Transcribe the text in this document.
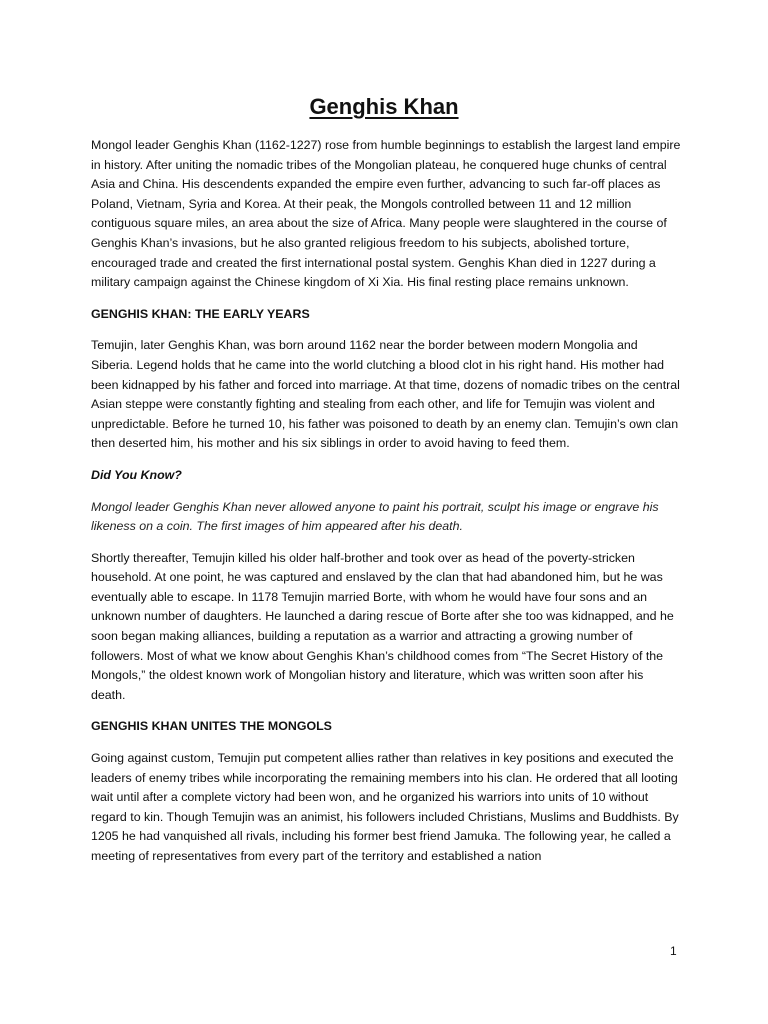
Genghis Khan

Mongol leader Genghis Khan (1162-1227) rose from humble beginnings to establish the largest land empire in history. After uniting the nomadic tribes of the Mongolian plateau, he conquered huge chunks of central Asia and China. His descendents expanded the empire even further, advancing to such far-off places as Poland, Vietnam, Syria and Korea. At their peak, the Mongols controlled between 11 and 12 million contiguous square miles, an area about the size of Africa. Many people were slaughtered in the course of Genghis Khan’s invasions, but he also granted religious freedom to his subjects, abolished torture, encouraged trade and created the first international postal system. Genghis Khan died in 1227 during a military campaign against the Chinese kingdom of Xi Xia. His final resting place remains unknown.

GENGHIS KHAN: THE EARLY YEARS

Temujin, later Genghis Khan, was born around 1162 near the border between modern Mongolia and Siberia. Legend holds that he came into the world clutching a blood clot in his right hand. His mother had been kidnapped by his father and forced into marriage. At that time, dozens of nomadic tribes on the central Asian steppe were constantly fighting and stealing from each other, and life for Temujin was violent and unpredictable. Before he turned 10, his father was poisoned to death by an enemy clan. Temujin’s own clan then deserted him, his mother and his six siblings in order to avoid having to feed them.

Did You Know?

Mongol leader Genghis Khan never allowed anyone to paint his portrait, sculpt his image or engrave his likeness on a coin. The first images of him appeared after his death.

Shortly thereafter, Temujin killed his older half-brother and took over as head of the poverty-stricken household. At one point, he was captured and enslaved by the clan that had abandoned him, but he was eventually able to escape. In 1178 Temujin married Borte, with whom he would have four sons and an unknown number of daughters. He launched a daring rescue of Borte after she too was kidnapped, and he soon began making alliances, building a reputation as a warrior and attracting a growing number of followers. Most of what we know about Genghis Khan’s childhood comes from “The Secret History of the Mongols,” the oldest known work of Mongolian history and literature, which was written soon after his death.

GENGHIS KHAN UNITES THE MONGOLS

Going against custom, Temujin put competent allies rather than relatives in key positions and executed the leaders of enemy tribes while incorporating the remaining members into his clan. He ordered that all looting wait until after a complete victory had been won, and he organized his warriors into units of 10 without regard to kin. Though Temujin was an animist, his followers included Christians, Muslims and Buddhists. By 1205 he had vanquished all rivals, including his former best friend Jamuka. The following year, he called a meeting of representatives from every part of the territory and established a nation

1
